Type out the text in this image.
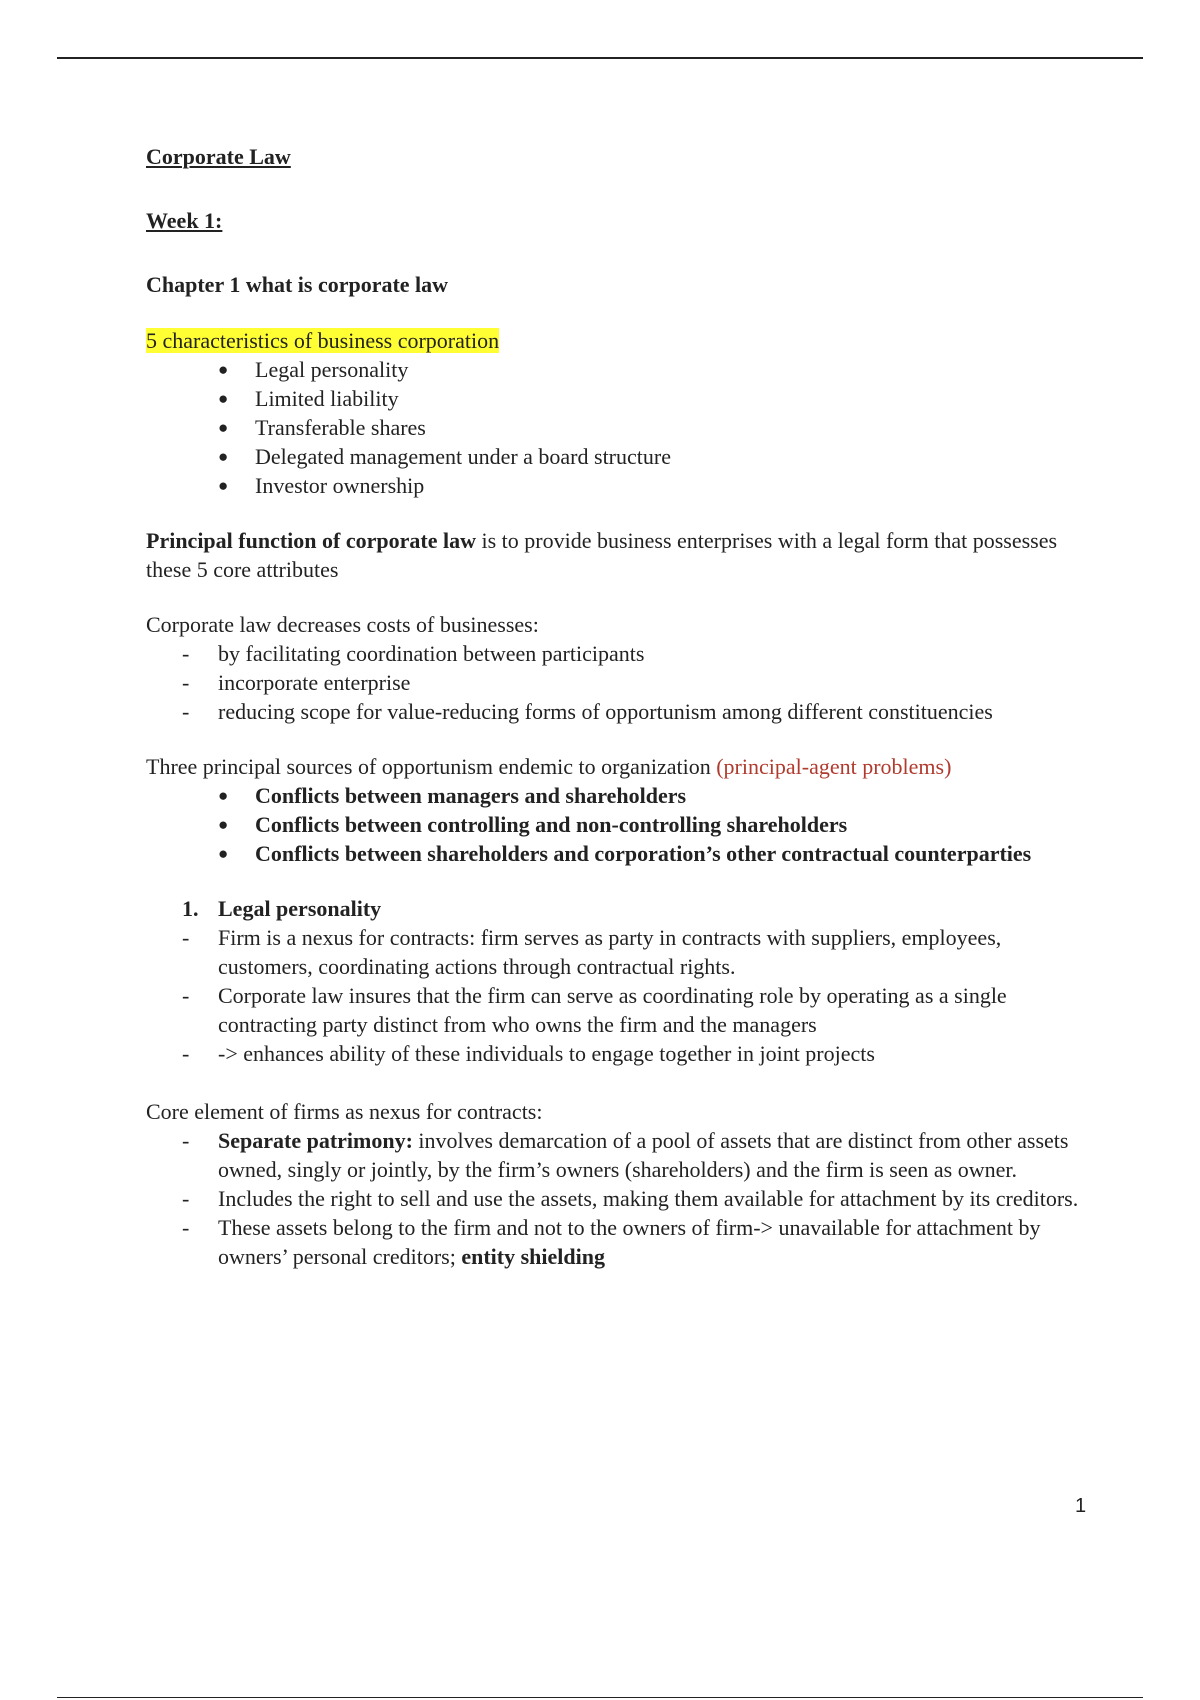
Corporate Law

Week 1:

Chapter 1 what is corporate law

5 characteristics of business corporation

● Legal personality
● Limited liability
● Transferable shares
● Delegated management under a board structure
● Investor ownership

Principal function of corporate law is to provide business enterprises with a legal form that possesses these 5 core attributes

Corporate law decreases costs of businesses:

- by facilitating coordination between participants
- incorporate enterprise
- reducing scope for value-reducing forms of opportunism among different constituencies

Three principal sources of opportunism endemic to organization (principal-agent problems)

● Conflicts between managers and shareholders
● Conflicts between controlling and non-controlling shareholders
● Conflicts between shareholders and corporation’s other contractual counterparties
1. Legal personality
- Firm is a nexus for contracts: firm serves as party in contracts with suppliers, employees, customers, coordinating actions through contractual rights.
- Corporate law insures that the firm can serve as coordinating role by operating as a single contracting party distinct from who owns the firm and the managers
- -> enhances ability of these individuals to engage together in joint projects

Core element of firms as nexus for contracts:

- Separate patrimony: involves demarcation of a pool of assets that are distinct from other assets owned, singly or jointly, by the firm’s owners (shareholders) and the firm is seen as owner.
- Includes the right to sell and use the assets, making them available for attachment by its creditors.
- These assets belong to the firm and not to the owners of firm-> unavailable for attachment by owners’ personal creditors; entity shielding
1
